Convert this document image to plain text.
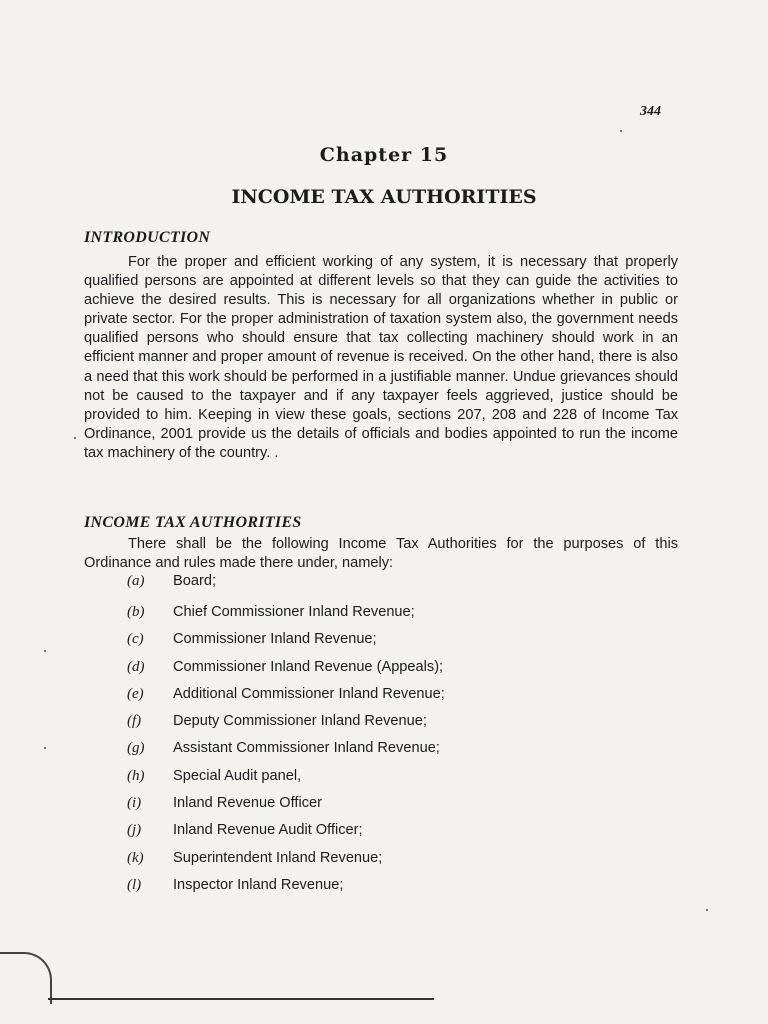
344
Chapter 15
INCOME TAX AUTHORITIES
INTRODUCTION

For the proper and efficient working of any system, it is necessary that properly qualified persons are appointed at different levels so that they can guide the activities to achieve the desired results. This is necessary for all organizations whether in public or private sector. For the proper administration of taxation system also, the government needs qualified persons who should ensure that tax collecting machinery should work in an efficient manner and proper amount of revenue is received. On the other hand, there is also a need that this work should be performed in a justifiable manner. Undue grievances should not be caused to the taxpayer and if any taxpayer feels aggrieved, justice should be provided to him. Keeping in view these goals, sections 207, 208 and 228 of Income Tax Ordinance, 2001 provide us the details of officials and bodies appointed to run the income tax machinery of the country. .

INCOME TAX AUTHORITIES

There shall be the following Income Tax Authorities for the purposes of this Ordinance and rules made there under, namely:

(a)	Board;
(b)	Chief Commissioner Inland Revenue;
(c)	Commissioner Inland Revenue;
(d)	Commissioner Inland Revenue (Appeals);
(e)	Additional Commissioner Inland Revenue;
(f)	Deputy Commissioner Inland Revenue;
(g)	Assistant Commissioner Inland Revenue;
(h)	Special Audit panel,
(i)	Inland Revenue Officer
(j)	Inland Revenue Audit Officer;
(k)	Superintendent Inland Revenue;
(l)	Inspector Inland Revenue;
